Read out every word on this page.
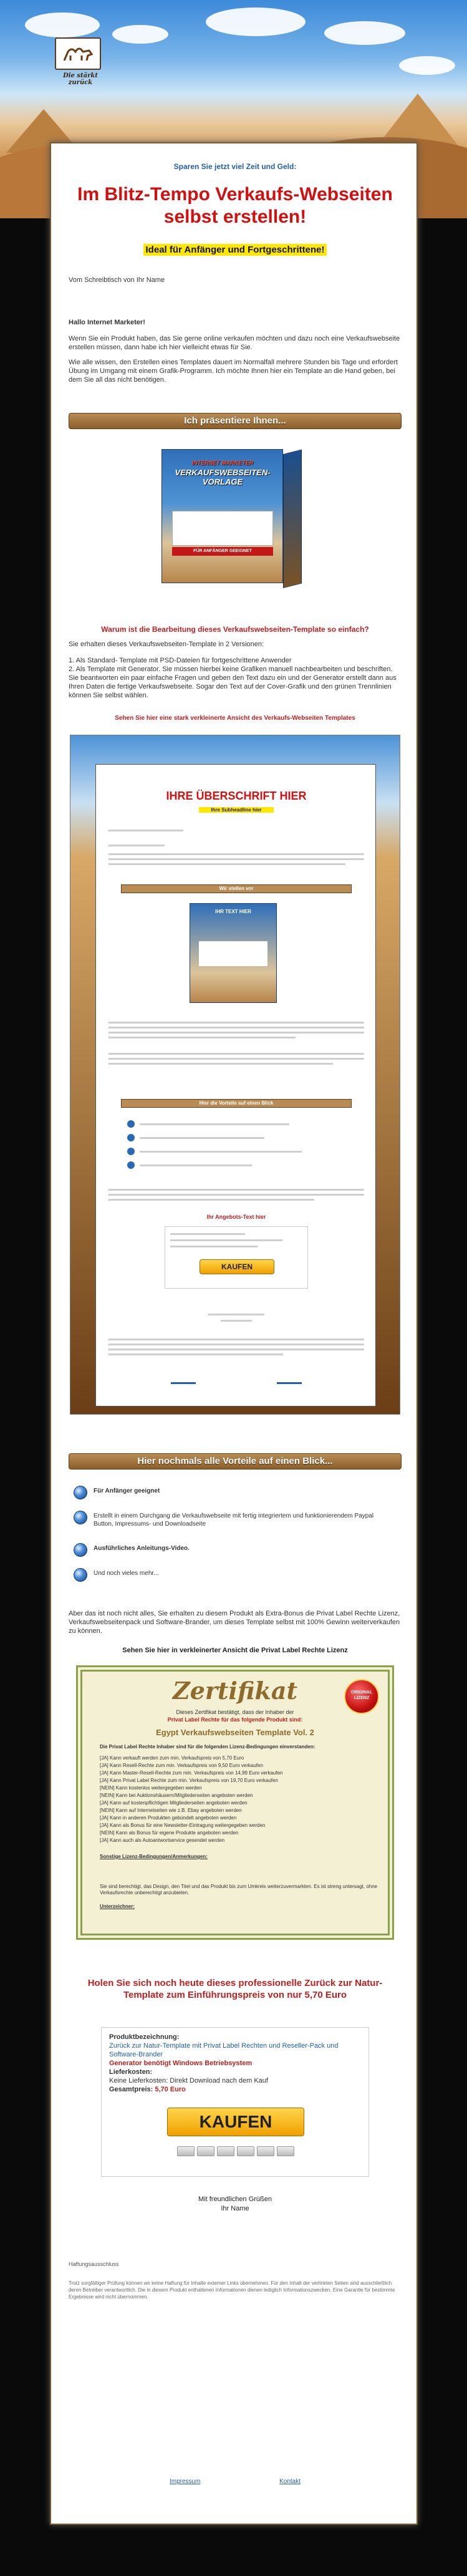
Die stärkt zurück
Sparen Sie jetzt viel Zeit und Geld:
Im Blitz-Tempo Verkaufs-Webseiten selbst erstellen!
Ideal für Anfänger und Fortgeschrittene!
Vom Schreibtisch von Ihr Name
Hallo Internet Marketer!
Wenn Sie ein Produkt haben, das Sie gerne online verkaufen möchten und dazu noch eine Verkaufswebseite erstellen müssen, dann habe ich hier vielleicht etwas für Sie.
Wie alle wissen, den Erstellen eines Templates dauert im Normalfall mehrere Stunden bis Tage und erfordert Übung im Umgang mit einem Grafik-Programm. Ich möchte Ihnen hier ein Template an die Hand geben, bei dem Sie all das nicht benötigen.
Ich präsentiere Ihnen...
INTERNET MARKETER
VERKAUFSWEBSEITEN-VORLAGE
FÜR ANFÄNGER GEEIGNET
Warum ist die Bearbeitung dieses Verkaufswebseiten-Template so einfach?
Sie erhalten dieses Verkaufswebseiten-Template in 2 Versionen:
1. Als Standard- Template mit PSD-Dateien für fortgeschrittene Anwender
2. Als Template mit Generator. Sie müssen hierbei keine Grafiken manuell nachbearbeiten und beschriften. Sie beantworten ein paar einfache Fragen und geben den Text dazu ein und der Generator erstellt dann aus Ihren Daten die fertige Verkaufswebseite. Sogar den Text auf der Cover-Grafik und den grünen Trennlinien können Sie selbst wählen.
Sehen Sie hier eine stark verkleinerte Ansicht des Verkaufs-Webseiten Templates
IHRE ÜBERSCHRIFT HIER
Ihre Subheadline hier
Wir stellen vor
IHR TEXT HIER
Hier die Vorteile auf einen Blick
Ihr Angebots-Text hier
KAUFEN
Hier nochmals alle Vorteile auf einen Blick...
Für Anfänger geeignet
Erstellt in einem Durchgang die Verkaufswebseite mit fertig integriertem und funktionierendem Paypal Button, Impressums- und Downloadseite
Ausführliches Anleitungs-Video.
Und noch vieles mehr...
Aber das ist noch nicht alles, Sie erhalten zu diesem Produkt als Extra-Bonus die Privat Label Rechte Lizenz, Verkaufswebseitenpack und Software-Brander, um dieses Template selbst mit 100% Gewinn weiterverkaufen zu können.
Sehen Sie hier in verkleinerter Ansicht die Privat Label Rechte Lizenz
Zertifikat	ORIGINAL LIZENZ
Dieses Zertifikat bestätigt, dass der Inhaber der
Privat Label Rechte für das folgende Produkt sind:
Egypt Verkaufswebseiten Template Vol. 2
Die Privat Label Rechte Inhaber sind für die folgenden Lizenz-Bedingungen einverstanden:
[JA] Kann verkauft werden zum min. Verkaufspreis von 5,70 Euro
[JA] Kann Resell-Rechte zum min. Verkaufspreis von 9,50 Euro verkaufen
[JA] Kann Master-Resell-Rechte zum min. Verkaufspreis von 14,99 Euro verkaufen
[JA] Kann Privat Label Rechte zum min. Verkaufspreis von 19,70 Euro verkaufen
[NEIN] Kann kostenlos weitergegeben werden
[NEIN] Kann bei Auktionshäusern/Mitgliederseiten angeboten werden
[JA] Kann auf kostenpflichtigen Mitgliederseiten angeboten werden
[NEIN] Kann auf Internetseiten wie z.B. Ebay angeboten werden
[JA] Kann in anderen Produkten gebündelt angeboten werden
[JA] Kann als Bonus für eine Newsletter-Eintragung weitergegeben werden
[NEIN] Kann als Bonus für eigene Produkte angeboten werden
[JA] Kann auch als Autoantwortservice gesendet werden
Sonstige Lizenz-Bedingungen/Anmerkungen:
Sie sind berechtigt, das Design, den Titel und das Produkt bis zum Umkreis weiterzuvermarkten. Es ist streng untersagt, ohne Verkaufsrechte unberechtigt anzubieten.
Unterzeichner:
Holen Sie sich noch heute dieses professionelle Zurück zur Natur-Template zum Einführungspreis von nur 5,70 Euro
Produktbezeichnung:
Zurück zur Natur-Template mit Privat Label Rechten und Reseller-Pack und Software-Brander
Generator benötigt Windows Betriebsystem
Lieferkosten:
Keine Lieferkosten: Direkt Download nach dem Kauf
Gesamtpreis: 5,70 Euro
KAUFEN
Mit freundlichen Grüßen
Ihr Name
Haftungsausschluss
Trotz sorgfältiger Prüfung können wir keine Haftung für Inhalte externer Links übernehmen. Für den Inhalt der verlinkten Seiten sind ausschließlich deren Betreiber verantwortlich. Die in diesem Produkt enthaltenen Informationen dienen lediglich Informationszwecken. Eine Garantie für bestimmte Ergebnisse wird nicht übernommen.
Impressum	Kontakt
